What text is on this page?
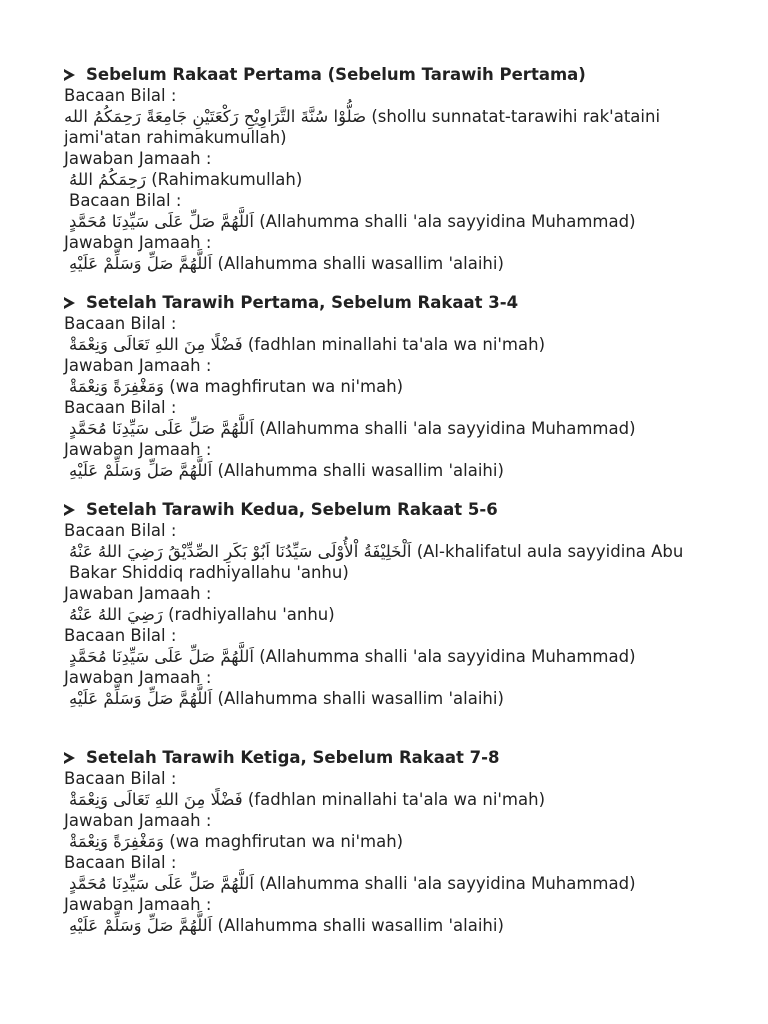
Sebelum Rakaat Pertama (Sebelum Tarawih Pertama)
Bacaan Bilal :
صَلُّوْا سُنَّةَ التَّرَاوِيْحِ رَكْعَتَيْنِ جَامِعَةً رَحِمَكُمُ الله (shollu sunnatat-tarawihi rak'ataini jami'atan rahimakumullah)
Jawaban Jamaah :
رَحِمَكُمُ اللهُ (Rahimakumullah)
Bacaan Bilal :
اَللَّهُمَّ صَلِّ عَلَى سَيِّدِنَا مُحَمَّدٍ (Allahumma shalli 'ala sayyidina Muhammad)
Jawaban Jamaah :
اَللَّهُمَّ صَلِّ وَسَلِّمْ عَلَيْهِ (Allahumma shalli wasallim 'alaihi)
Setelah Tarawih Pertama, Sebelum Rakaat 3-4
Bacaan Bilal :
فَضْلًا مِنَ اللهِ تَعَالَى وَنِعْمَةْ (fadhlan minallahi ta'ala wa ni'mah)
Jawaban Jamaah :
وَمَغْفِرَةً وَنِعْمَةْ (wa maghfirutan wa ni'mah)
Bacaan Bilal :
اَللَّهُمَّ صَلِّ عَلَى سَيِّدِنَا مُحَمَّدٍ (Allahumma shalli 'ala sayyidina Muhammad)
Jawaban Jamaah :
اَللَّهُمَّ صَلِّ وَسَلِّمْ عَلَيْهِ (Allahumma shalli wasallim 'alaihi)
Setelah Tarawih Kedua, Sebelum Rakaat 5-6
Bacaan Bilal :
اَلْخَلِيْفَةُ اْلأُوْلَى سَيِّدُنَا اَبُوْ بَكَرِ الصِّدِّيْقُ رَضِيَ اللهُ عَنْهُ (Al-khalifatul aula sayyidina Abu Bakar Shiddiq radhiyallahu 'anhu)
Jawaban Jamaah :
رَضِيَ اللهُ عَنْهُ (radhiyallahu 'anhu)
Bacaan Bilal :
اَللَّهُمَّ صَلِّ عَلَى سَيِّدِنَا مُحَمَّدٍ (Allahumma shalli 'ala sayyidina Muhammad)
Jawaban Jamaah :
اَللَّهُمَّ صَلِّ وَسَلِّمْ عَلَيْهِ (Allahumma shalli wasallim 'alaihi)
Setelah Tarawih Ketiga, Sebelum Rakaat 7-8
Bacaan Bilal :
فَضْلًا مِنَ اللهِ تَعَالَى وَنِعْمَةْ (fadhlan minallahi ta'ala wa ni'mah)
Jawaban Jamaah :
وَمَغْفِرَةً وَنِعْمَةْ (wa maghfirutan wa ni'mah)
Bacaan Bilal :
اَللَّهُمَّ صَلِّ عَلَى سَيِّدِنَا مُحَمَّدٍ (Allahumma shalli 'ala sayyidina Muhammad)
Jawaban Jamaah :
اَللَّهُمَّ صَلِّ وَسَلِّمْ عَلَيْهِ (Allahumma shalli wasallim 'alaihi)
